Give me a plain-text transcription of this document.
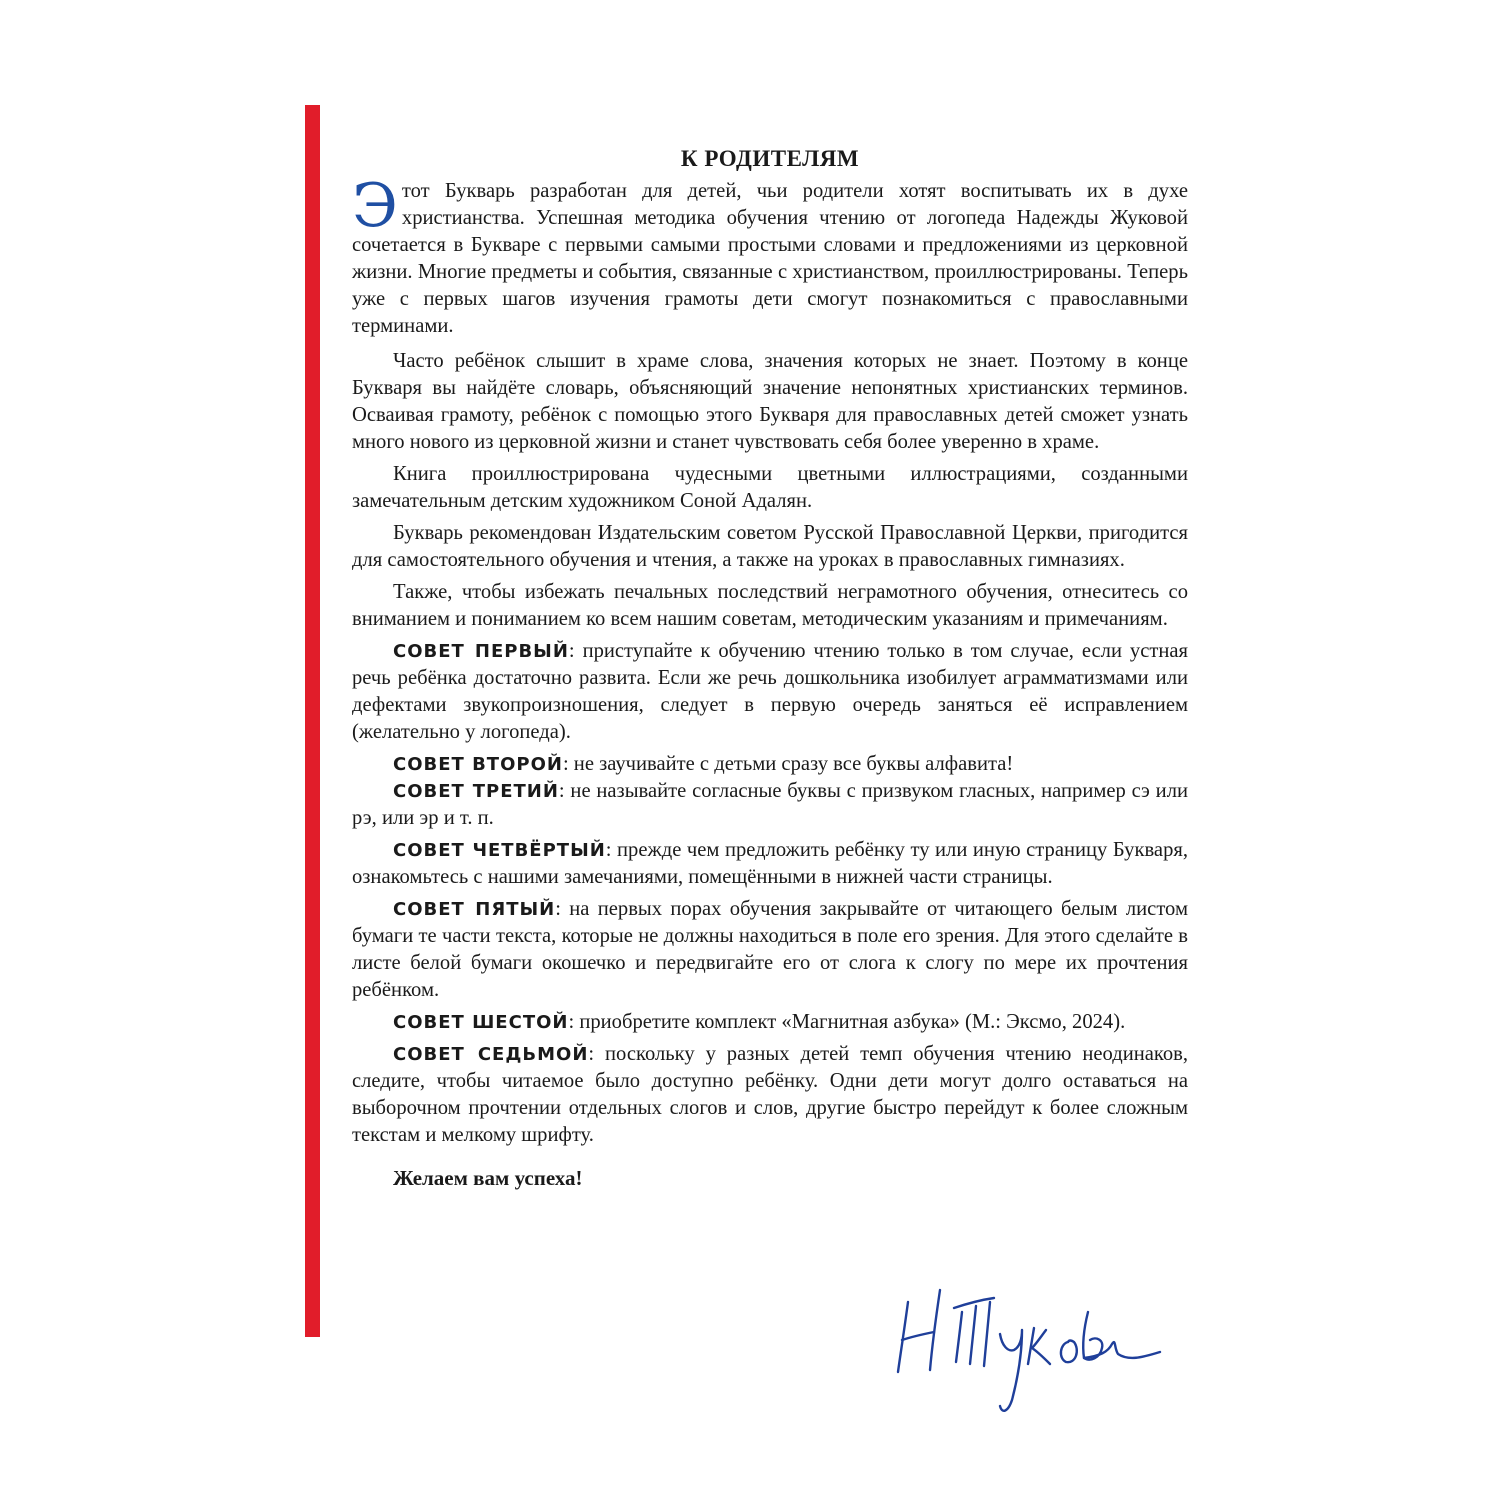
К РОДИТЕЛЯМ

Этот Букварь разработан для детей, чьи родители хотят воспитывать их в духе христианства. Успешная методика обучения чтению от логопеда Надежды Жуковой сочетается в Букваре с первыми самыми простыми словами и предложениями из церковной жизни. Многие предметы и события, связанные с христианством, проиллюстрированы. Теперь уже с первых шагов изучения грамоты дети смогут познакомиться с православными терминами.

Часто ребёнок слышит в храме слова, значения которых не знает. Поэтому в конце Букваря вы найдёте словарь, объясняющий значение непонятных христианских терминов. Осваивая грамоту, ребёнок с помощью этого Букваря для православных детей сможет узнать много нового из церковной жизни и станет чувствовать себя более уверенно в храме.

Книга проиллюстрирована чудесными цветными иллюстрациями, созданными замечательным детским художником Соной Адалян.

Букварь рекомендован Издательским советом Русской Православной Церкви, пригодится для самостоятельного обучения и чтения, а также на уроках в православных гимназиях.

Также, чтобы избежать печальных последствий неграмотного обучения, отнеситесь со вниманием и пониманием ко всем нашим советам, методическим указаниям и примечаниям.

СОВЕТ ПЕРВЫЙ: приступайте к обучению чтению только в том случае, если устная речь ребёнка достаточно развита. Если же речь дошкольника изобилует аграмматизмами или дефектами звукопроизношения, следует в первую очередь заняться её исправлением (желательно у логопеда).

СОВЕТ ВТОРОЙ: не заучивайте с детьми сразу все буквы алфавита!

СОВЕТ ТРЕТИЙ: не называйте согласные буквы с призвуком гласных, например сэ или рэ, или эр и т. п.

СОВЕТ ЧЕТВЁРТЫЙ: прежде чем предложить ребёнку ту или иную страницу Букваря, ознакомьтесь с нашими замечаниями, помещёнными в нижней части страницы.

СОВЕТ ПЯТЫЙ: на первых порах обучения закрывайте от читающего белым листом бумаги те части текста, которые не должны находиться в поле его зрения. Для этого сделайте в листе белой бумаги окошечко и передвигайте его от слога к слогу по мере их прочтения ребёнком.

СОВЕТ ШЕСТОЙ: приобретите комплект «Магнитная азбука» (М.: Эксмо, 2024).

СОВЕТ СЕДЬМОЙ: поскольку у разных детей темп обучения чтению неодинаков, следите, чтобы читаемое было доступно ребёнку. Одни дети могут долго оставаться на выборочном прочтении отдельных слогов и слов, другие быстро перейдут к более сложным текстам и мелкому шрифту.

Желаем вам успеха!
